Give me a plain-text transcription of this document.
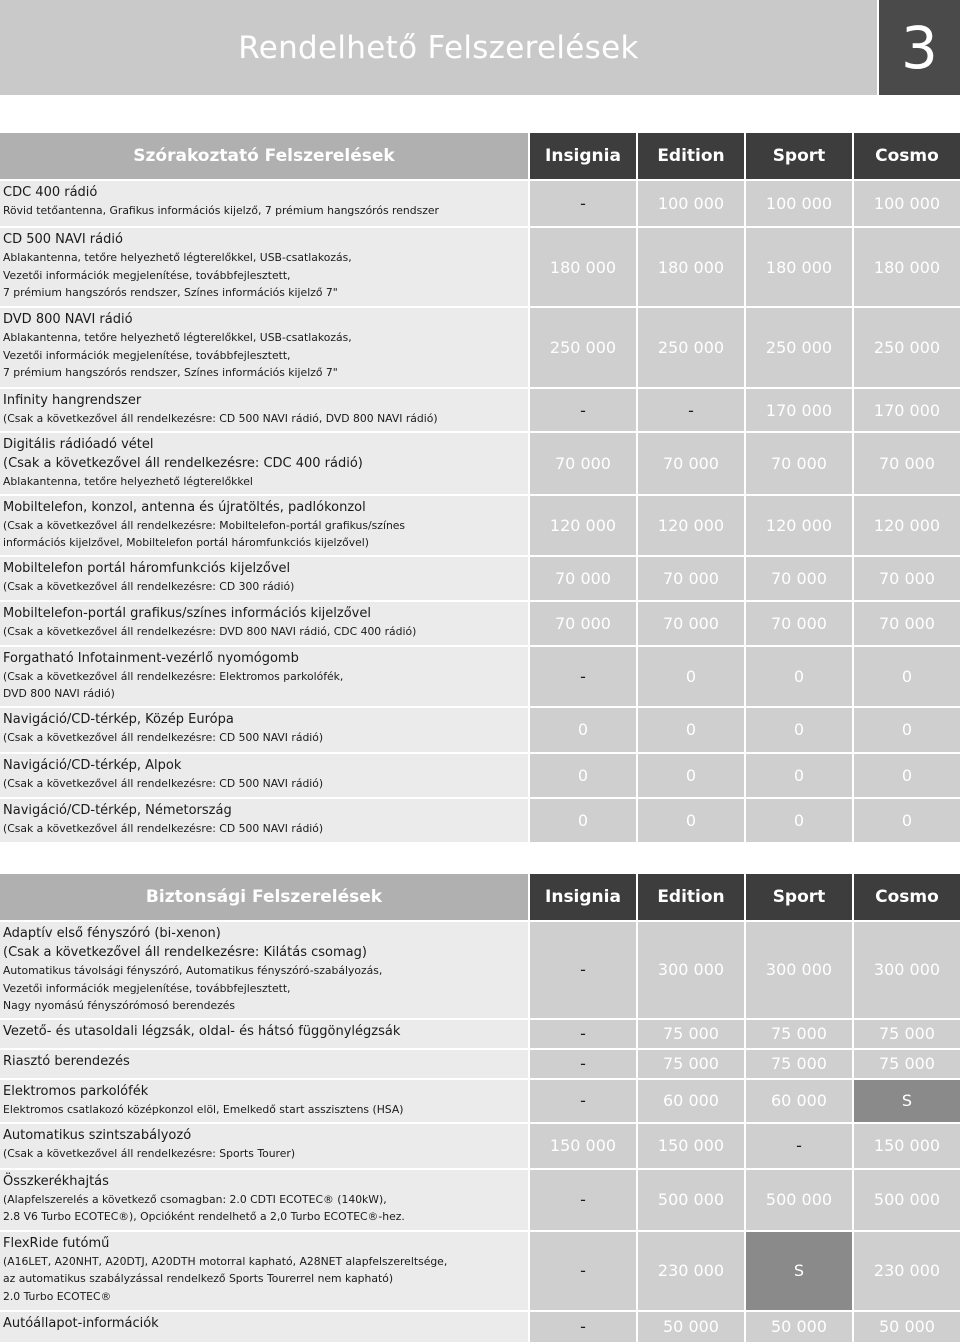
Rendelhető Felszerelések	3
Szórakoztató Felszerelések	Insignia	Edition	Sport	Cosmo

CDC 400 rádió
Rövid tetőantenna, Grafikus információs kijelző, 7 prémium hangszórós rendszer	-	100 000	100 000	100 000

CD 500 NAVI rádió
Ablakantenna, tetőre helyezhető légterelőkkel, USB-csatlakozás,
Vezetői információk megjelenítése, továbbfejlesztett,
7 prémium hangszórós rendszer, Színes információs kijelző 7"	180 000	180 000	180 000	180 000

DVD 800 NAVI rádió
Ablakantenna, tetőre helyezhető légterelőkkel, USB-csatlakozás,
Vezetői információk megjelenítése, továbbfejlesztett,
7 prémium hangszórós rendszer, Színes információs kijelző 7"	250 000	250 000	250 000	250 000

Infinity hangrendszer
(Csak a következővel áll rendelkezésre: CD 500 NAVI rádió, DVD 800 NAVI rádió)	-	-	170 000	170 000

Digitális rádióadó vétel
(Csak a következővel áll rendelkezésre: CDC 400 rádió)
Ablakantenna, tetőre helyezhető légterelőkkel	70 000	70 000	70 000	70 000

Mobiltelefon, konzol, antenna és újratöltés, padlókonzol
(Csak a következővel áll rendelkezésre: Mobiltelefon-portál grafikus/színes
információs kijelzővel, Mobiltelefon portál háromfunkciós kijelzővel)	120 000	120 000	120 000	120 000

Mobiltelefon portál háromfunkciós kijelzővel
(Csak a következővel áll rendelkezésre: CD 300 rádió)	70 000	70 000	70 000	70 000

Mobiltelefon-portál grafikus/színes információs kijelzővel
(Csak a következővel áll rendelkezésre: DVD 800 NAVI rádió, CDC 400 rádió)	70 000	70 000	70 000	70 000

Forgatható Infotainment-vezérlő nyomógomb
(Csak a következővel áll rendelkezésre: Elektromos parkolófék,
DVD 800 NAVI rádió)	-	0	0	0

Navigáció/CD-térkép, Közép Európa
(Csak a következővel áll rendelkezésre: CD 500 NAVI rádió)	0	0	0	0

Navigáció/CD-térkép, Alpok
(Csak a következővel áll rendelkezésre: CD 500 NAVI rádió)	0	0	0	0

Navigáció/CD-térkép, Németország
(Csak a következővel áll rendelkezésre: CD 500 NAVI rádió)	0	0	0	0
Biztonsági Felszerelések	Insignia	Edition	Sport	Cosmo

Adaptív első fényszóró (bi-xenon)
(Csak a következővel áll rendelkezésre: Kilátás csomag)
Automatikus távolsági fényszóró, Automatikus fényszóró-szabályozás,
Vezetői információk megjelenítése, továbbfejlesztett,
Nagy nyomású fényszórómosó berendezés	-	300 000	300 000	300 000

Vezető- és utasoldali légzsák, oldal- és hátsó függönylégzsák	-	75 000	75 000	75 000

Riasztó berendezés	-	75 000	75 000	75 000

Elektromos parkolófék
Elektromos csatlakozó középkonzol elöl, Emelkedő start asszisztens (HSA)	-	60 000	60 000	S

Automatikus szintszabályozó
(Csak a következővel áll rendelkezésre: Sports Tourer)	150 000	150 000	-	150 000

Összkerékhajtás
(Alapfelszerelés a következő csomagban: 2.0 CDTI ECOTEC® (140kW),
2.8 V6 Turbo ECOTEC®), Opcióként rendelhető a 2,0 Turbo ECOTEC®-hez.	-	500 000	500 000	500 000

FlexRide futómű
(A16LET, A20NHT, A20DTJ, A20DTH motorral kapható, A28NET alapfelszereltsége,
az automatikus szabályzással rendelkező Sports Tourerrel nem kapható)
2.0 Turbo ECOTEC®	-	230 000	S	230 000

Autóállapot-információk	-	50 000	50 000	50 000
